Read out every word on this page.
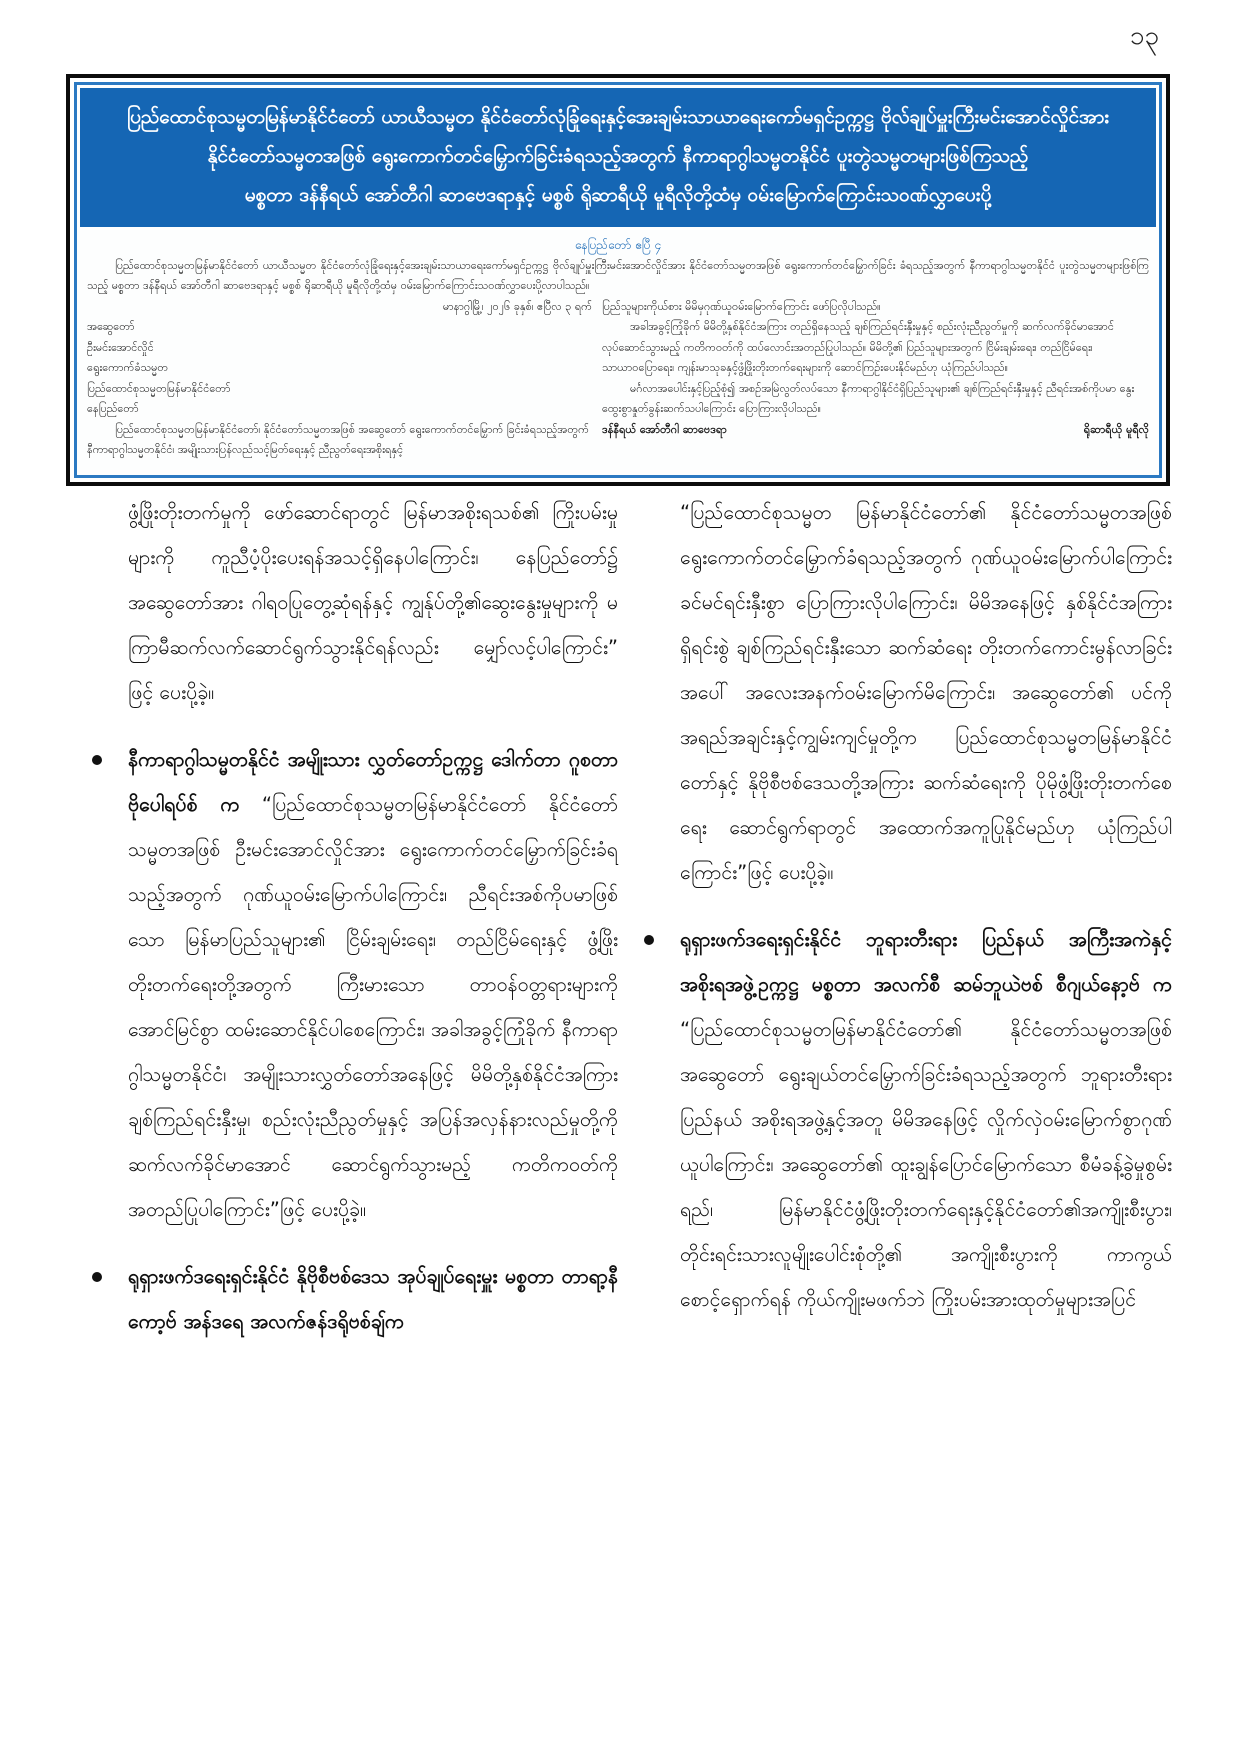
၁၃
ပြည်ထောင်စုသမ္မတမြန်မာနိုင်ငံတော် ယာယီသမ္မတ နိုင်ငံတော်လုံခြုံရေးနှင့်အေးချမ်းသာယာရေးကော်မရှင်ဥက္ကဋ္ဌ ဗိုလ်ချုပ်မှူးကြီးမင်းအောင်လှိုင်အား
နိုင်ငံတော်သမ္မတအဖြစ် ရွေးကောက်တင်မြှောက်ခြင်းခံရသည့်အတွက် နီကာရာဂွါသမ္မတနိုင်ငံ ပူးတွဲသမ္မတများဖြစ်ကြသည့်
မစ္စတာ ဒန်နီရယ် အော်တီဂါ ဆာဗေဒရာနှင့် မစ္စစ် ရိုဆာရီယို မူရီလိုတို့ထံမှ ဝမ်းမြောက်ကြောင်းသဝဏ်လွှာပေးပို့
နေပြည်တော် ဧပြီ ၄
ပြည်ထောင်စုသမ္မတမြန်မာနိုင်ငံတော် ယာယီသမ္မတ နိုင်ငံတော်လုံခြုံရေးနှင့်အေးချမ်းသာယာရေးကော်မရှင်ဥက္ကဋ္ဌ ဗိုလ်ချုပ်မှူးကြီးမင်းအောင်လှိုင်အား နိုင်ငံတော်သမ္မတအဖြစ် ရွေးကောက်တင်မြှောက်ခြင်း ခံရသည့်အတွက် နီကာရာဂွါသမ္မတနိုင်ငံ ပူးတွဲသမ္မတများဖြစ်ကြသည့် မစ္စတာ ဒန်နီရယ် အော်တီဂါ ဆာဗေဒရာနှင့် မစ္စစ် ရိုဆာရီယို မူရီလိုတို့ထံမှ ဝမ်းမြောက်ကြောင်းသဝဏ်လွှာပေးပို့လာပါသည်။
မာနာဂွါမြို့၊ ၂၀၂၆ ခုနှစ်၊ ဧပြီလ ၃ ရက်
အဆွေတော်
ဦးမင်းအောင်လှိုင်
ရွေးကောက်ခံသမ္မတ
ပြည်ထောင်စုသမ္မတမြန်မာနိုင်ငံတော်
နေပြည်တော်
ပြည်ထောင်စုသမ္မတမြန်မာနိုင်ငံတော်၊ နိုင်ငံတော်သမ္မတအဖြစ် အဆွေတော် ရွေးကောက်တင်မြှောက် ခြင်းခံရသည့်အတွက် နီကာရာဂွါသမ္မတနိုင်ငံ၊ အမျိုးသားပြန်လည်သင့်မြတ်ရေးနှင့် ညီညွတ်ရေးအစိုးရနှင့်
ပြည်သူများကိုယ်စား မိမိမှဂုဏ်ယူဝမ်းမြောက်ကြောင်း ဖော်ပြလိုပါသည်။
အခါအခွင့်ကြုံခိုက် မိမိတို့နှစ်နိုင်ငံအကြား တည်ရှိနေသည့် ချစ်ကြည်ရင်းနှီးမှုနှင့် စည်းလုံးညီညွတ်မှုကို ဆက်လက်ခိုင်မာအောင် လုပ်ဆောင်သွားမည့် ကတိကဝတ်ကို ထပ်လောင်းအတည်ပြုပါသည်။ မိမိတို့၏ ပြည်သူများအတွက် ငြိမ်းချမ်းရေး၊ တည်ငြိမ်ရေး၊ သာယာဝပြောရေး၊ ကျန်းမာသုခနှင့်ဖွံ့ဖြိုးတိုးတက်ရေးများကို ဆောင်ကြဉ်းပေးနိုင်မည်ဟု ယုံကြည်ပါသည်။
မင်္ဂလာအပေါင်းနှင့်ပြည့်စုံ၍ အစဉ်အမြဲလွတ်လပ်သော နီကာရာဂွါနိုင်ငံရှိပြည်သူများ၏ ချစ်ကြည်ရင်းနှီးမှုနှင့် ညီရင်းအစ်ကိုပမာ နွေးထွေးစွာနှုတ်ခွန်းဆက်သပါကြောင်း ပြောကြားလိုပါသည်။
ဒန်နီရယ် အော်တီဂါ ဆာဗေဒရာ	ရိုဆာရီယို မူရီလို

ဖွံ့ဖြိုးတိုးတက်မှုကို ဖော်ဆောင်ရာတွင် မြန်မာအစိုးရသစ်၏ ကြိုးပမ်းမှုများကို ကူညီပံ့ပိုးပေးရန်အသင့်ရှိနေပါကြောင်း၊ နေပြည်တော်၌ အဆွေတော်အား ဂါရဝပြုတွေ့ဆုံရန်နှင့် ကျွန်ုပ်တို့၏ဆွေးနွေးမှုများကို မကြာမီဆက်လက်ဆောင်ရွက်သွားနိုင်ရန်လည်း မျှော်လင့်ပါကြောင်း” ဖြင့် ပေးပို့ခဲ့။

နီကာရာဂွါသမ္မတနိုင်ငံ အမျိုးသား လွှတ်တော်ဥက္ကဋ္ဌ ဒေါက်တာ ဂူစတာဗိုပေါရပ်စ် က “ပြည်ထောင်စုသမ္မတမြန်မာနိုင်ငံတော် နိုင်ငံတော်သမ္မတအဖြစ် ဦးမင်းအောင်လှိုင်အား ရွေးကောက်တင်မြှောက်ခြင်းခံရသည့်အတွက် ဂုဏ်ယူဝမ်းမြောက်ပါကြောင်း၊ ညီရင်းအစ်ကိုပမာဖြစ်သော မြန်မာပြည်သူများ၏ ငြိမ်းချမ်းရေး၊ တည်ငြိမ်ရေးနှင့် ဖွံ့ဖြိုးတိုးတက်ရေးတို့အတွက် ကြီးမားသော တာဝန်ဝတ္တရားများကို အောင်မြင်စွာ ထမ်းဆောင်နိုင်ပါစေကြောင်း၊ အခါအခွင့်ကြုံခိုက် နီကာရာဂွါသမ္မတနိုင်ငံ၊ အမျိုးသားလွှတ်တော်အနေဖြင့် မိမိတို့နှစ်နိုင်ငံအကြား ချစ်ကြည်ရင်းနှီးမှု၊ စည်းလုံးညီညွတ်မှုနှင့် အပြန်အလှန်နားလည်မှုတို့ကို ဆက်လက်ခိုင်မာအောင် ဆောင်ရွက်သွားမည့် ကတိကဝတ်ကို အတည်ပြုပါကြောင်း”ဖြင့် ပေးပို့ခဲ့။
ရုရှားဖက်ဒရေးရှင်းနိုင်ငံ နိုဗိုစီဗစ်ဒေသ အုပ်ချုပ်ရေးမှူး မစ္စတာ တာရာ့နီကော့ဗ် အန်ဒရေ အလက်ဇန်ဒရိုဗစ်ချ်က

“ပြည်ထောင်စုသမ္မတ မြန်မာနိုင်ငံတော်၏ နိုင်ငံတော်သမ္မတအဖြစ် ရွေးကောက်တင်မြှောက်ခံရသည့်အတွက် ဂုဏ်ယူဝမ်းမြောက်ပါကြောင်း ခင်မင်ရင်းနှီးစွာ ပြောကြားလိုပါကြောင်း၊ မိမိအနေဖြင့် နှစ်နိုင်ငံအကြား ရှိရင်းစွဲ ချစ်ကြည်ရင်းနှီးသော ဆက်ဆံရေး တိုးတက်ကောင်းမွန်လာခြင်းအပေါ် အလေးအနက်ဝမ်းမြောက်မိကြောင်း၊ အဆွေတော်၏ ပင်ကိုအရည်အချင်းနှင့်ကျွမ်းကျင်မှုတို့က ပြည်ထောင်စုသမ္မတမြန်မာနိုင်ငံတော်နှင့် နိုဗိုစီဗစ်ဒေသတို့အကြား ဆက်ဆံရေးကို ပိုမိုဖွံ့ဖြိုးတိုးတက်စေရေး ဆောင်ရွက်ရာတွင် အထောက်အကူပြုနိုင်မည်ဟု ယုံကြည်ပါကြောင်း”ဖြင့် ပေးပို့ခဲ့။

ရုရှားဖက်ဒရေးရှင်းနိုင်ငံ ဘူရားတီးရား ပြည်နယ် အကြီးအကဲနှင့် အစိုးရအဖွဲ့ဥက္ကဋ္ဌ မစ္စတာ အလက်စီ ဆမ်ဘူယဲဗစ် စီဂျယ်နော့ဗ် က “ပြည်ထောင်စုသမ္မတမြန်မာနိုင်ငံတော်၏ နိုင်ငံတော်သမ္မတအဖြစ် အဆွေတော် ရွေးချယ်တင်မြှောက်ခြင်းခံရသည့်အတွက် ဘူရားတီးရားပြည်နယ် အစိုးရအဖွဲ့နှင့်အတူ မိမိအနေဖြင့် လှိုက်လှဲဝမ်းမြောက်စွာဂုဏ်ယူပါကြောင်း၊ အဆွေတော်၏ ထူးချွန်ပြောင်မြောက်သော စီမံခန့်ခွဲမှုစွမ်းရည်၊ မြန်မာနိုင်ငံဖွံ့ဖြိုးတိုးတက်ရေးနှင့်နိုင်ငံတော်၏အကျိုးစီးပွား၊ တိုင်းရင်းသားလူမျိုးပေါင်းစုံတို့၏ အကျိုးစီးပွားကို ကာကွယ်စောင့်ရှောက်ရန် ကိုယ်ကျိုးမဖက်ဘဲ ကြိုးပမ်းအားထုတ်မှုများအပြင်
